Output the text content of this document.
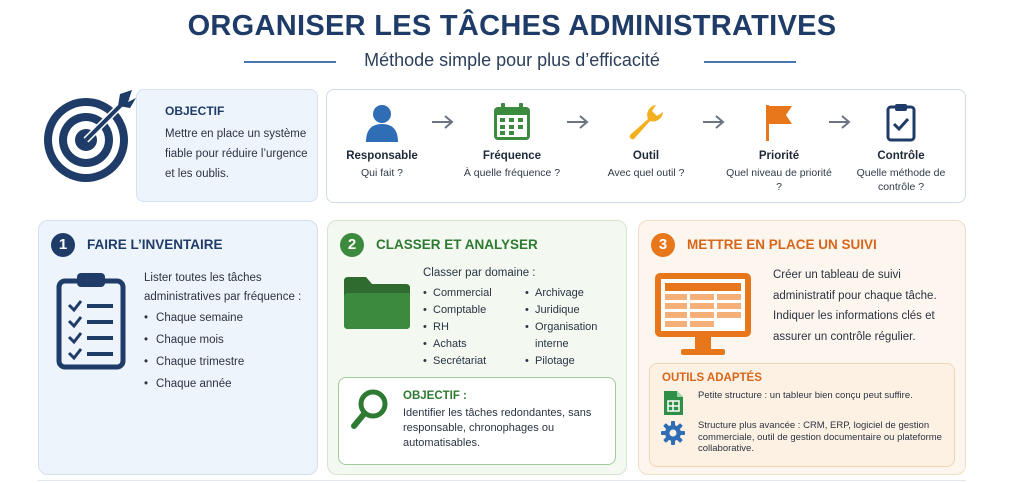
ORGANISER LES TÂCHES ADMINISTRATIVES
Méthode simple pour plus d’efficacité
OBJECTIF
Mettre en place un système fiable pour réduire l’urgence et les oublis.
Responsable
Qui fait ?
Fréquence
À quelle fréquence ?
Outil
Avec quel outil ?
Priorité
Quel niveau de priorité ?
Contrôle
Quelle méthode de contrôle ?
1	FAIRE L’INVENTAIRE
Lister toutes les tâches administratives par fréquence :
• Chaque semaine
• Chaque mois
• Chaque trimestre
• Chaque année
2	CLASSER ET ANALYSER
Classer par domaine :
• Commercial
• Comptable
• RH
• Achats
• Secrétariat
• Archivage
• Juridique
• Organisation interne
• Pilotage
OBJECTIF :
Identifier les tâches redondantes, sans responsable, chronophages ou automatisables.
3	METTRE EN PLACE UN SUIVI
Créer un tableau de suivi administratif pour chaque tâche. Indiquer les informations clés et assurer un contrôle régulier.
OUTILS ADAPTÉS
Petite structure : un tableur bien conçu peut suffire.
Structure plus avancée : CRM, ERP, logiciel de gestion commerciale, outil de gestion documentaire ou plateforme collaborative.
